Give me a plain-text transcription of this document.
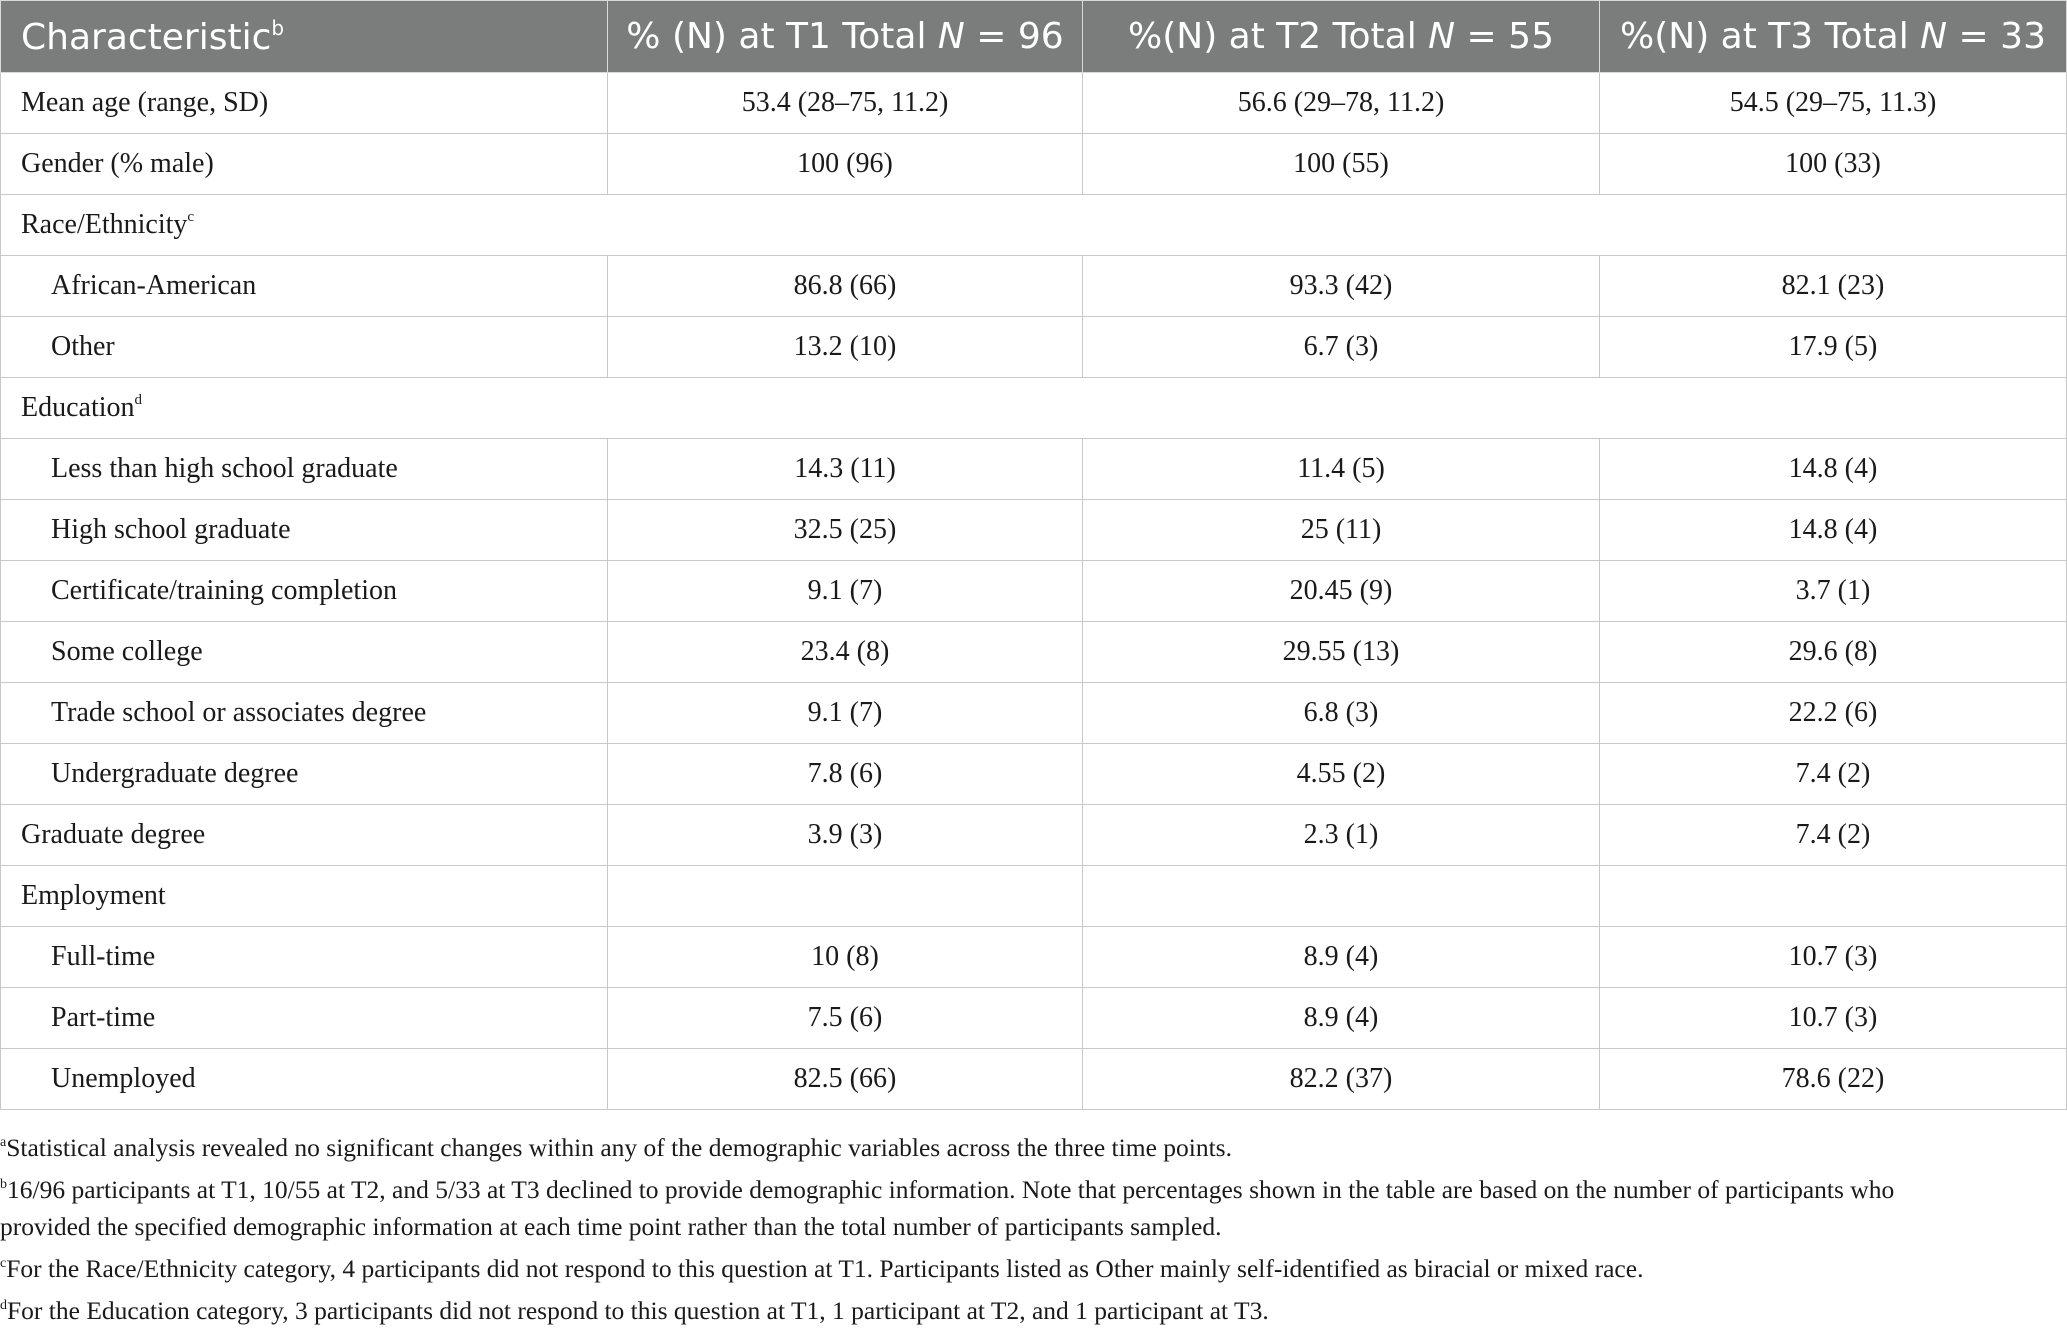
Characteristic$^b$	% (N) at T1 Total N = 96	%(N) at T2 Total N = 55	%(N) at T3 Total N = 33
Mean age (range, SD)	53.4 (28–75, 11.2)	56.6 (29–78, 11.2)	54.5 (29–75, 11.3)
Gender (% male)	100 (96)	100 (55)	100 (33)
Race/Ethnicity$^c$
African-American	86.8 (66)	93.3 (42)	82.1 (23)
Other	13.2 (10)	6.7 (3)	17.9 (5)
Education$^d$
Less than high school graduate	14.3 (11)	11.4 (5)	14.8 (4)
High school graduate	32.5 (25)	25 (11)	14.8 (4)
Certificate/training completion	9.1 (7)	20.45 (9)	3.7 (1)
Some college	23.4 (8)	29.55 (13)	29.6 (8)
Trade school or associates degree	9.1 (7)	6.8 (3)	22.2 (6)
Undergraduate degree	7.8 (6)	4.55 (2)	7.4 (2)
Graduate degree	3.9 (3)	2.3 (1)	7.4 (2)
Employment			
Full-time	10 (8)	8.9 (4)	10.7 (3)
Part-time	7.5 (6)	8.9 (4)	10.7 (3)
Unemployed	82.5 (66)	82.2 (37)	78.6 (22)

$^a$Statistical analysis revealed no significant changes within any of the demographic variables across the three time points.

$^b$16/96 participants at T1, 10/55 at T2, and 5/33 at T3 declined to provide demographic information. Note that percentages shown in the table are based on the number of participants who

provided the specified demographic information at each time point rather than the total number of participants sampled.

$^c$For the Race/Ethnicity category, 4 participants did not respond to this question at T1. Participants listed as Other mainly self-identified as biracial or mixed race.

$^d$For the Education category, 3 participants did not respond to this question at T1, 1 participant at T2, and 1 participant at T3.
